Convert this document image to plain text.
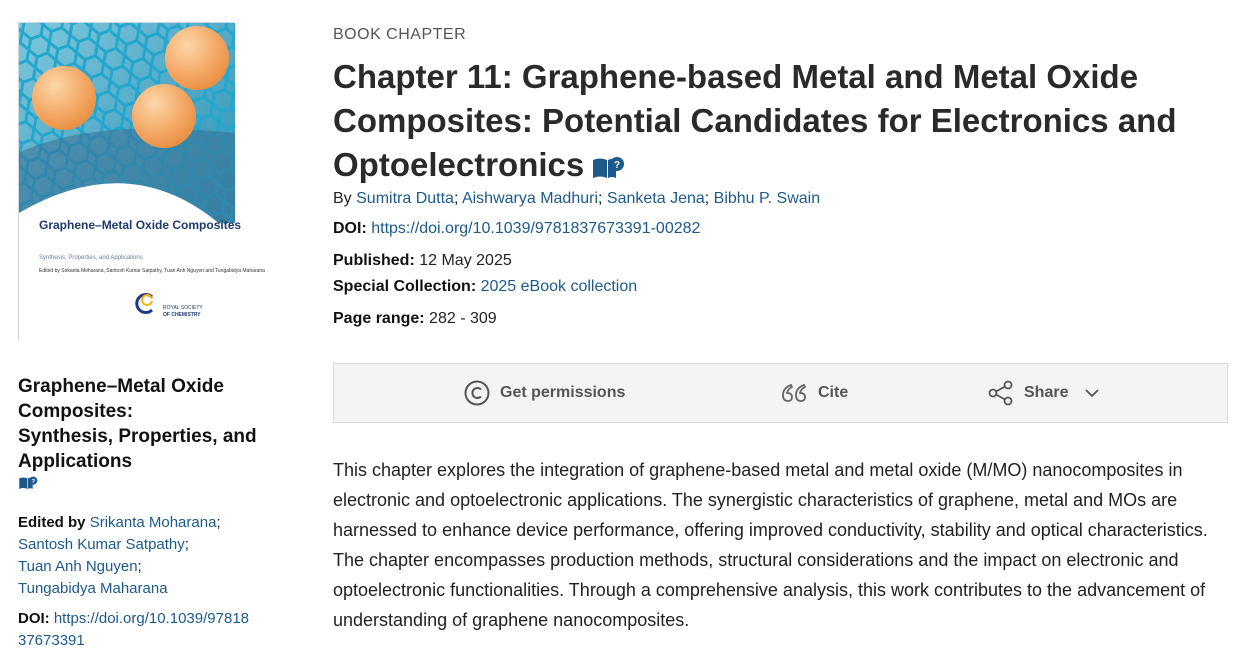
Graphene–Metal Oxide Composites
Synthesis, Properties, and Applications
Edited by Srikanta Moharana, Santosh Kumar Satpathy, Tuan Anh Nguyen and Tungabidya Maharana
ROYAL SOCIETY
OF CHEMISTRY
Graphene–Metal Oxide
Composites:
Synthesis, Properties, and
Applications
?
Edited by Srikanta Moharana;
Santosh Kumar Satpathy;
Tuan Anh Nguyen;
Tungabidya Maharana
DOI: https://doi.org/10.1039/97818
37673391
BOOK CHAPTER
Chapter 11: Graphene-based Metal and Metal Oxide
Composites: Potential Candidates for Electronics and
Optoelectronics	?
By Sumitra Dutta; Aishwarya Madhuri; Sanketa Jena; Bibhu P. Swain
DOI: https://doi.org/10.1039/9781837673391-00282
Published: 12 May 2025
Special Collection: 2025 eBook collection
Page range: 282 - 309
Get permissions	Cite	Share
This chapter explores the integration of graphene-based metal and metal oxide (M/MO) nanocomposites in electronic and optoelectronic applications. The synergistic characteristics of graphene, metal and MOs are harnessed to enhance device performance, offering improved conductivity, stability and optical characteristics. The chapter encompasses production methods, structural considerations and the impact on electronic and optoelectronic functionalities. Through a comprehensive analysis, this work contributes to the advancement of understanding of graphene nanocomposites.
